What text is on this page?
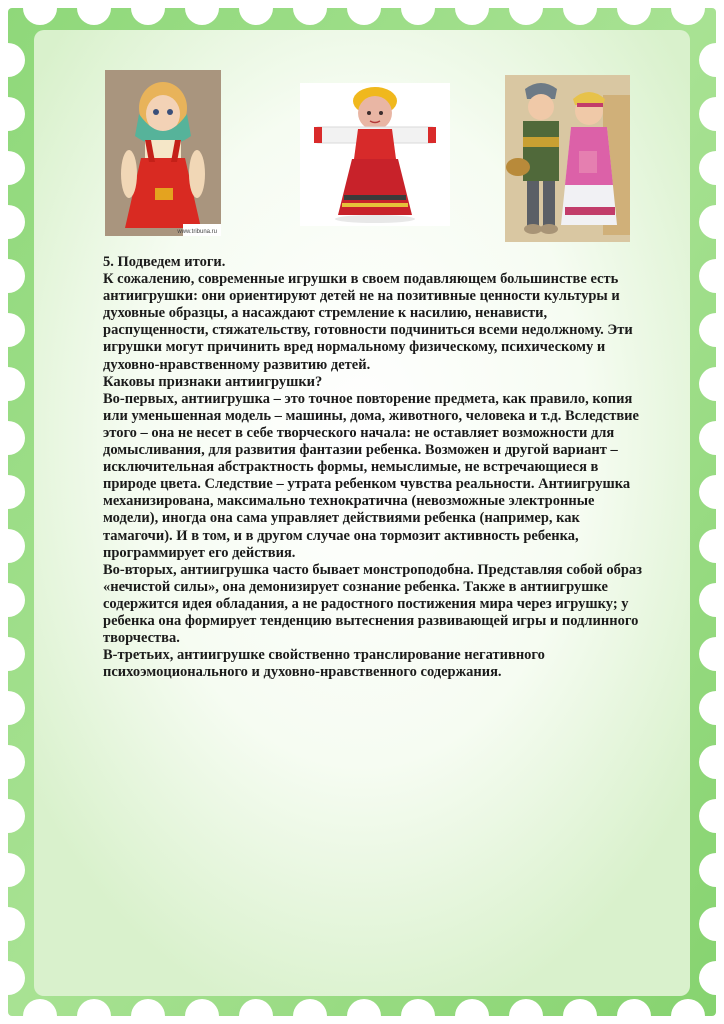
www.tribuna.ru

5. Подведем итоги.

К сожалению, современные игрушки в своем подавляющем большинстве есть антиигрушки: они ориентируют детей не на позитивные ценности культуры и духовные образцы, а насаждают стремление к насилию, ненависти, распущенности, стяжательству, готовности подчиниться всеми недолжному. Эти игрушки могут причинить вред нормальному физическому, психическому и духовно-нравственному развитию детей.

Каковы признаки антиигрушки?

Во-первых, антиигрушка – это точное повторение предмета, как правило, копия или уменьшенная модель – машины, дома, животного, человека и т.д. Вследствие этого – она не несет в себе творческого начала: не оставляет возможности для домысливания, для развития фантазии ребенка. Возможен и другой вариант – исключительная абстрактность формы, немыслимые, не встречающиеся в природе цвета. Следствие – утрата ребенком чувства реальности. Антиигрушка механизирована, максимально технократична (невозможные электронные модели), иногда она сама управляет действиями ребенка (например, как тамагочи). И в том, и в другом случае она тормозит активность ребенка, программирует его действия.

Во-вторых, антиигрушка часто бывает монстроподобна. Представляя собой образ «нечистой силы», она демонизирует сознание ребенка. Также в антиигрушке содержится идея обладания, а не радостного постижения мира через игрушку; у ребенка она формирует тенденцию вытеснения развивающей игры и подлинного творчества.

В-третьих, антиигрушке свойственно транслирование негативного психоэмоционального и духовно-нравственного содержания.
